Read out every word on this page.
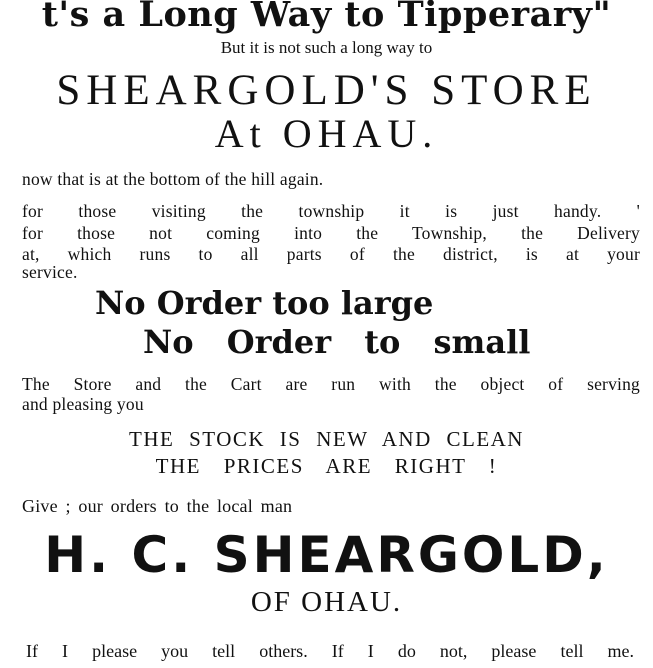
t's a Long Way to Tipperary"

But it is not such a long way to

SHEARGOLD'S STORE
At OHAU.

now that is at the bottom of the hill again.

for those visiting the township it is just handy. '

for those not coming into the Township, the Delivery

at, which runs to all parts of the district, is at your

service.

No Order too large

No Order to small

The Store and the Cart are run with the object of serving

and pleasing you

THE STOCK IS NEW AND CLEAN

THE PRICES ARE RIGHT !

Give ; our orders to the local man

H. C. SHEARGOLD,

OF OHAU.

If I please you tell others. If I do not, please tell me.
